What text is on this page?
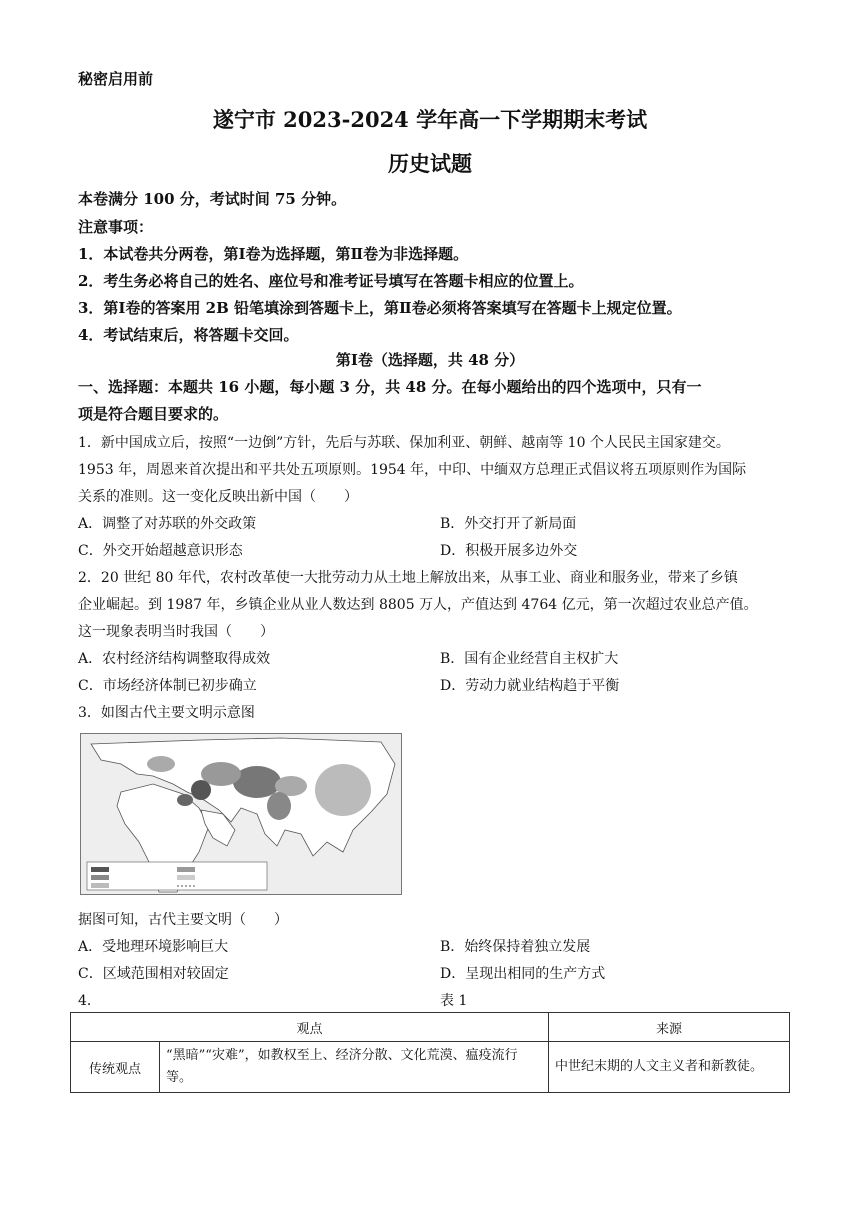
秘密启用前
遂宁市 2023-2024 学年高一下学期期末考试
历史试题
本卷满分 100 分，考试时间 75 分钟。
注意事项：
1．本试卷共分两卷，第Ⅰ卷为选择题，第Ⅱ卷为非选择题。
2．考生务必将自己的姓名、座位号和准考证号填写在答题卡相应的位置上。
3．第Ⅰ卷的答案用 2B 铅笔填涂到答题卡上，第Ⅱ卷必须将答案填写在答题卡上规定位置。
4．考试结束后，将答题卡交回。
第Ⅰ卷（选择题，共 48 分）
一、选择题：本题共 16 小题，每小题 3 分，共 48 分。在每小题给出的四个选项中，只有一
项是符合题目要求的。
1．新中国成立后，按照“一边倒”方针，先后与苏联、保加利亚、朝鲜、越南等 10 个人民民主国家建交。
1953 年，周恩来首次提出和平共处五项原则。1954 年，中印、中缅双方总理正式倡议将五项原则作为国际
关系的准则。这一变化反映出新中国（　　）
A．调整了对苏联的外交政策	B．外交打开了新局面
C．外交开始超越意识形态	D．积极开展多边外交
2．20 世纪 80 年代，农村改革使一大批劳动力从土地上解放出来，从事工业、商业和服务业，带来了乡镇
企业崛起。到 1987 年，乡镇企业从业人数达到 8805 万人，产值达到 4764 亿元，第一次超过农业总产值。
这一现象表明当时我国（　　）
A．农村经济结构调整取得成效	B．国有企业经营自主权扩大
C．市场经济体制已初步确立	D．劳动力就业结构趋于平衡
3．如图古代主要文明示意图
据图可知，古代主要文明（　　）
A．受地理环境影响巨大	B．始终保持着独立发展
C．区域范围相对较固定	D．呈现出相同的生产方式
4．	表 1
观点		来源
传统观点	“黑暗”“灾难”，如教权至上、经济分散、文化荒漠、瘟疫流行等。	中世纪末期的人文主义者和新教徒。
